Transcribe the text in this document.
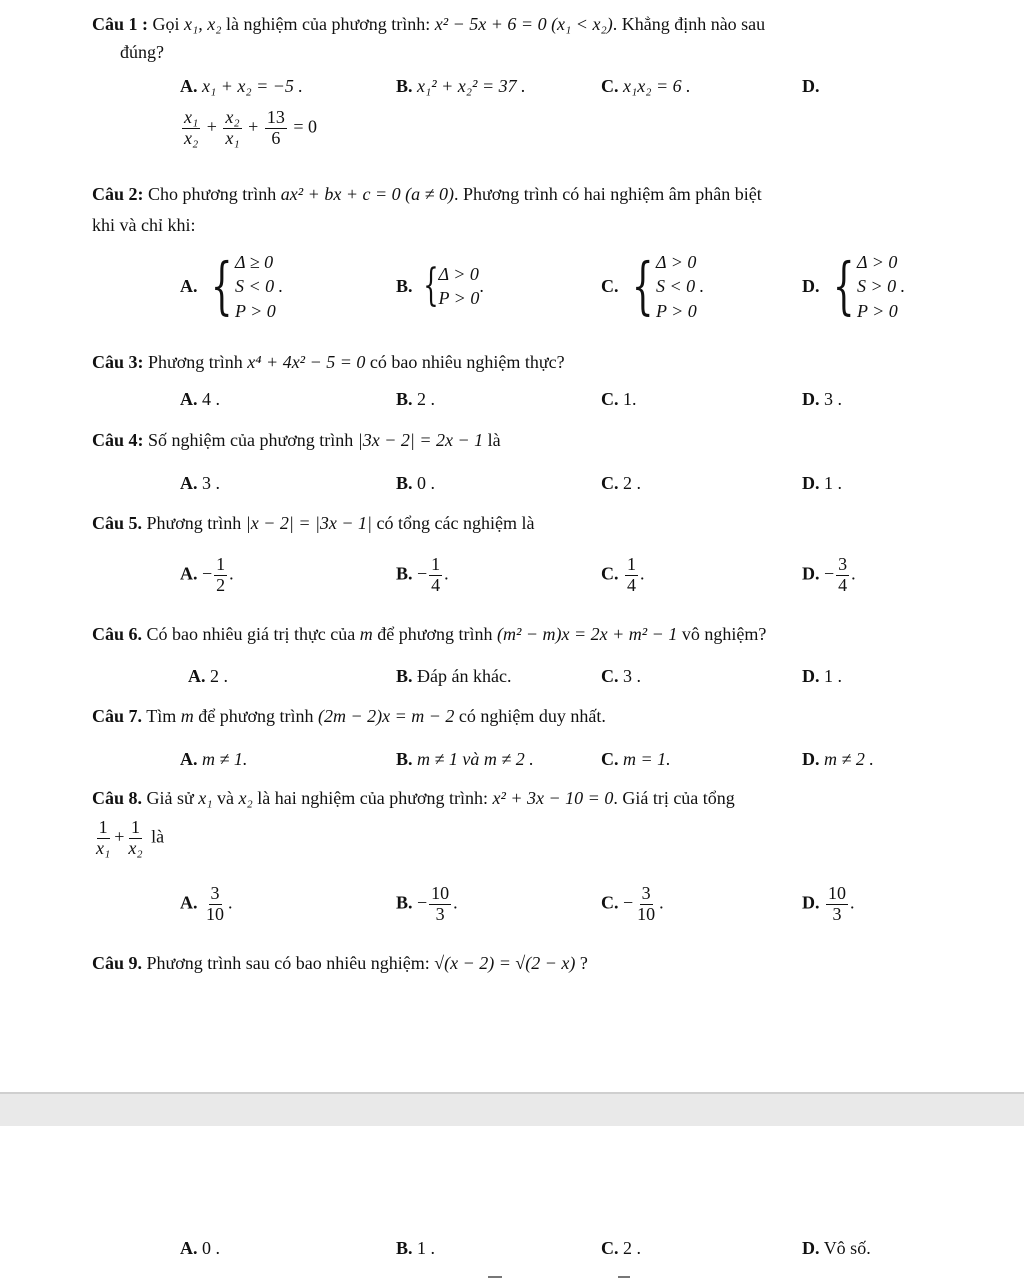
Câu 1 : Gọi x₁, x₂ là nghiệm của phương trình: x² − 5x + 6 = 0 (x₁ < x₂). Khẳng định nào sau
đúng?
A. x₁ + x₂ = −5 .	B. x₁² + x₂² = 37 .	C. x₁x₂ = 6 .	D.
$\frac{\text{x₁}}{\text{x₂}} + \frac{\text{x₂}}{\text{x₁}} + \frac{13}{6} = 0$
Câu 2: Cho phương trình ax² + bx + c = 0 (a ≠ 0). Phương trình có hai nghiệm âm phân biệt
khi và chỉ khi:
A. { Δ ≥ 0
S < 0 .
P > 0
B. { Δ > 0
P > 0
.	C. { Δ > 0
S < 0 .
P > 0
D. { Δ > 0
S > 0 .
P > 0
Câu 3: Phương trình x⁴ + 4x² − 5 = 0 có bao nhiêu nghiệm thực?
A. 4 .	B. 2 .	C. 1.	D. 3 .
Câu 4: Số nghiệm của phương trình |3x − 2| = 2x − 1 là
A. 3 .	B. 0 .	C. 2 .	D. 1 .
Câu 5. Phương trình |x − 2| = |3x − 1| có tổng các nghiệm là
A. − $\frac{1}{2}$ .	B. − $\frac{1}{4}$ .	C. $\frac{1}{4}$ .	D. − $\frac{3}{4}$ .
Câu 6. Có bao nhiêu giá trị thực của m để phương trình (m² − m)x = 2x + m² − 1 vô nghiệm?
A. 2 .	B. Đáp án khác.	C. 3 .	D. 1 .
Câu 7. Tìm m để phương trình (2m − 2)x = m − 2 có nghiệm duy nhất.
A. m ≠ 1.	B. m ≠ 1 và m ≠ 2 .	C. m = 1.	D. m ≠ 2 .
Câu 8. Giả sử x₁ và x₂ là hai nghiệm của phương trình: x² + 3x − 10 = 0. Giá trị của tổng
$\frac{1}{\text{x₁}} + \frac{1}{\text{x₂}}$ là
A. $\frac{3}{10}$ .	B. − $\frac{10}{3}$ .	C. − $\frac{3}{10}$ .	D. $\frac{10}{3}$ .
Câu 9. Phương trình sau có bao nhiêu nghiệm: √(x − 2) = √(2 − x) ?
A. 0 .	B. 1 .	C. 2 .	D. Vô số.
